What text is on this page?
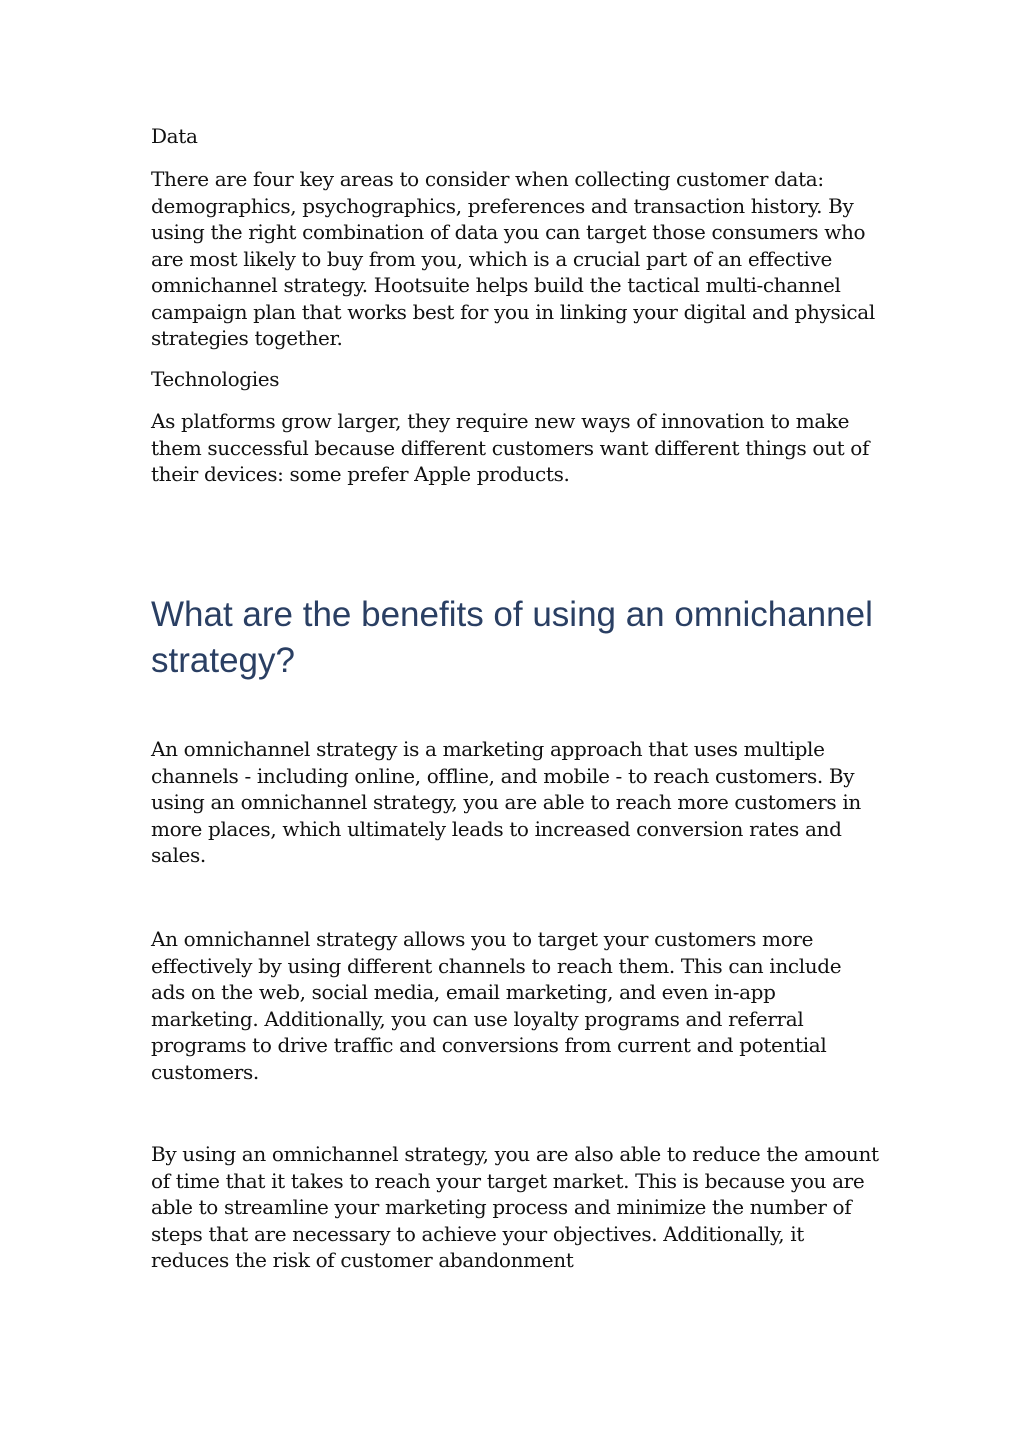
Data

There are four key areas to consider when collecting customer data: demographics, psychographics, preferences and transaction history. By using the right combination of data you can target those consumers who are most likely to buy from you, which is a crucial part of an effective omnichannel strategy. Hootsuite helps build the tactical multi-channel campaign plan that works best for you in linking your digital and physical strategies together.

Technologies

As platforms grow larger, they require new ways of innovation to make them successful because different customers want different things out of their devices: some prefer Apple products.

What are the benefits of using an omnichannel strategy?

An omnichannel strategy is a marketing approach that uses multiple channels - including online, offline, and mobile - to reach customers. By using an omnichannel strategy, you are able to reach more customers in more places, which ultimately leads to increased conversion rates and sales.

An omnichannel strategy allows you to target your customers more effectively by using different channels to reach them. This can include ads on the web, social media, email marketing, and even in-app marketing. Additionally, you can use loyalty programs and referral programs to drive traffic and conversions from current and potential customers.

By using an omnichannel strategy, you are also able to reduce the amount of time that it takes to reach your target market. This is because you are able to streamline your marketing process and minimize the number of steps that are necessary to achieve your objectives. Additionally, it reduces the risk of customer abandonment
